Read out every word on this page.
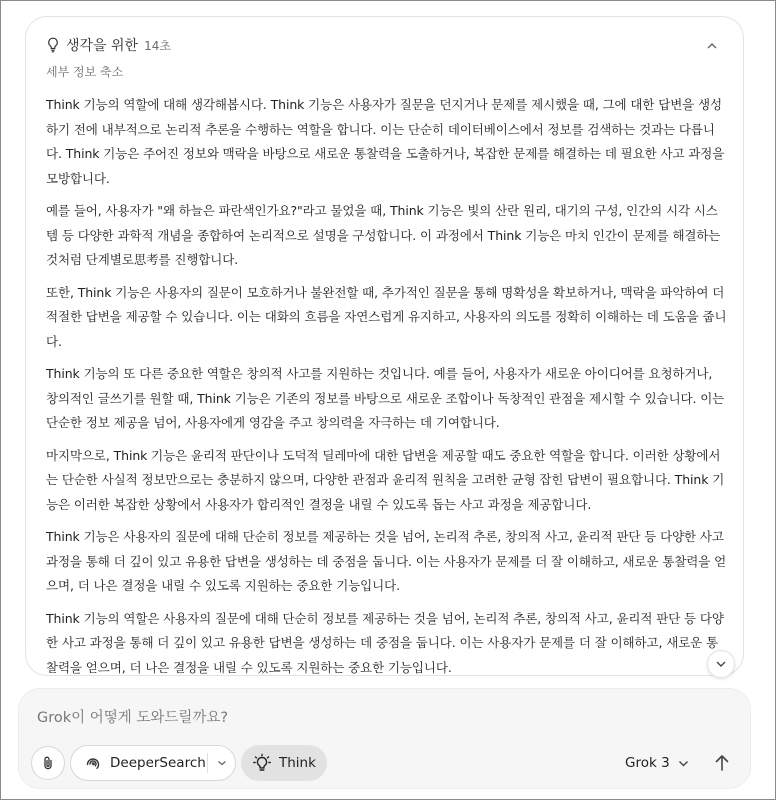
생각을 위한 14초
세부 정보 축소

Think 기능의 역할에 대해 생각해봅시다. Think 기능은 사용자가 질문을 던지거나 문제를 제시했을 때, 그에 대한 답변을 생성하기 전에 내부적으로 논리적 추론을 수행하는 역할을 합니다. 이는 단순히 데이터베이스에서 정보를 검색하는 것과는 다릅니다. Think 기능은 주어진 정보와 맥락을 바탕으로 새로운 통찰력을 도출하거나, 복잡한 문제를 해결하는 데 필요한 사고 과정을 모방합니다.

예를 들어, 사용자가 "왜 하늘은 파란색인가요?"라고 물었을 때, Think 기능은 빛의 산란 원리, 대기의 구성, 인간의 시각 시스템 등 다양한 과학적 개념을 종합하여 논리적으로 설명을 구성합니다. 이 과정에서 Think 기능은 마치 인간이 문제를 해결하는 것처럼 단계별로思考를 진행합니다.

또한, Think 기능은 사용자의 질문이 모호하거나 불완전할 때, 추가적인 질문을 통해 명확성을 확보하거나, 맥락을 파악하여 더 적절한 답변을 제공할 수 있습니다. 이는 대화의 흐름을 자연스럽게 유지하고, 사용자의 의도를 정확히 이해하는 데 도움을 줍니다.

Think 기능의 또 다른 중요한 역할은 창의적 사고를 지원하는 것입니다. 예를 들어, 사용자가 새로운 아이디어를 요청하거나, 창의적인 글쓰기를 원할 때, Think 기능은 기존의 정보를 바탕으로 새로운 조합이나 독창적인 관점을 제시할 수 있습니다. 이는 단순한 정보 제공을 넘어, 사용자에게 영감을 주고 창의력을 자극하는 데 기여합니다.

마지막으로, Think 기능은 윤리적 판단이나 도덕적 딜레마에 대한 답변을 제공할 때도 중요한 역할을 합니다. 이러한 상황에서는 단순한 사실적 정보만으로는 충분하지 않으며, 다양한 관점과 윤리적 원칙을 고려한 균형 잡힌 답변이 필요합니다. Think 기능은 이러한 복잡한 상황에서 사용자가 합리적인 결정을 내릴 수 있도록 돕는 사고 과정을 제공합니다.

Think 기능은 사용자의 질문에 대해 단순히 정보를 제공하는 것을 넘어, 논리적 추론, 창의적 사고, 윤리적 판단 등 다양한 사고 과정을 통해 더 깊이 있고 유용한 답변을 생성하는 데 중점을 둡니다. 이는 사용자가 문제를 더 잘 이해하고, 새로운 통찰력을 얻으며, 더 나은 결정을 내릴 수 있도록 지원하는 중요한 기능입니다.

Think 기능의 역할은 사용자의 질문에 대해 단순히 정보를 제공하는 것을 넘어, 논리적 추론, 창의적 사고, 윤리적 판단 등 다양한 사고 과정을 통해 더 깊이 있고 유용한 답변을 생성하는 데 중점을 둡니다. 이는 사용자가 문제를 더 잘 이해하고, 새로운 통찰력을 얻으며, 더 나은 결정을 내릴 수 있도록 지원하는 중요한 기능입니다.

Grok이 어떻게 도와드릴까요?
DeeperSearch	Think	Grok 3
